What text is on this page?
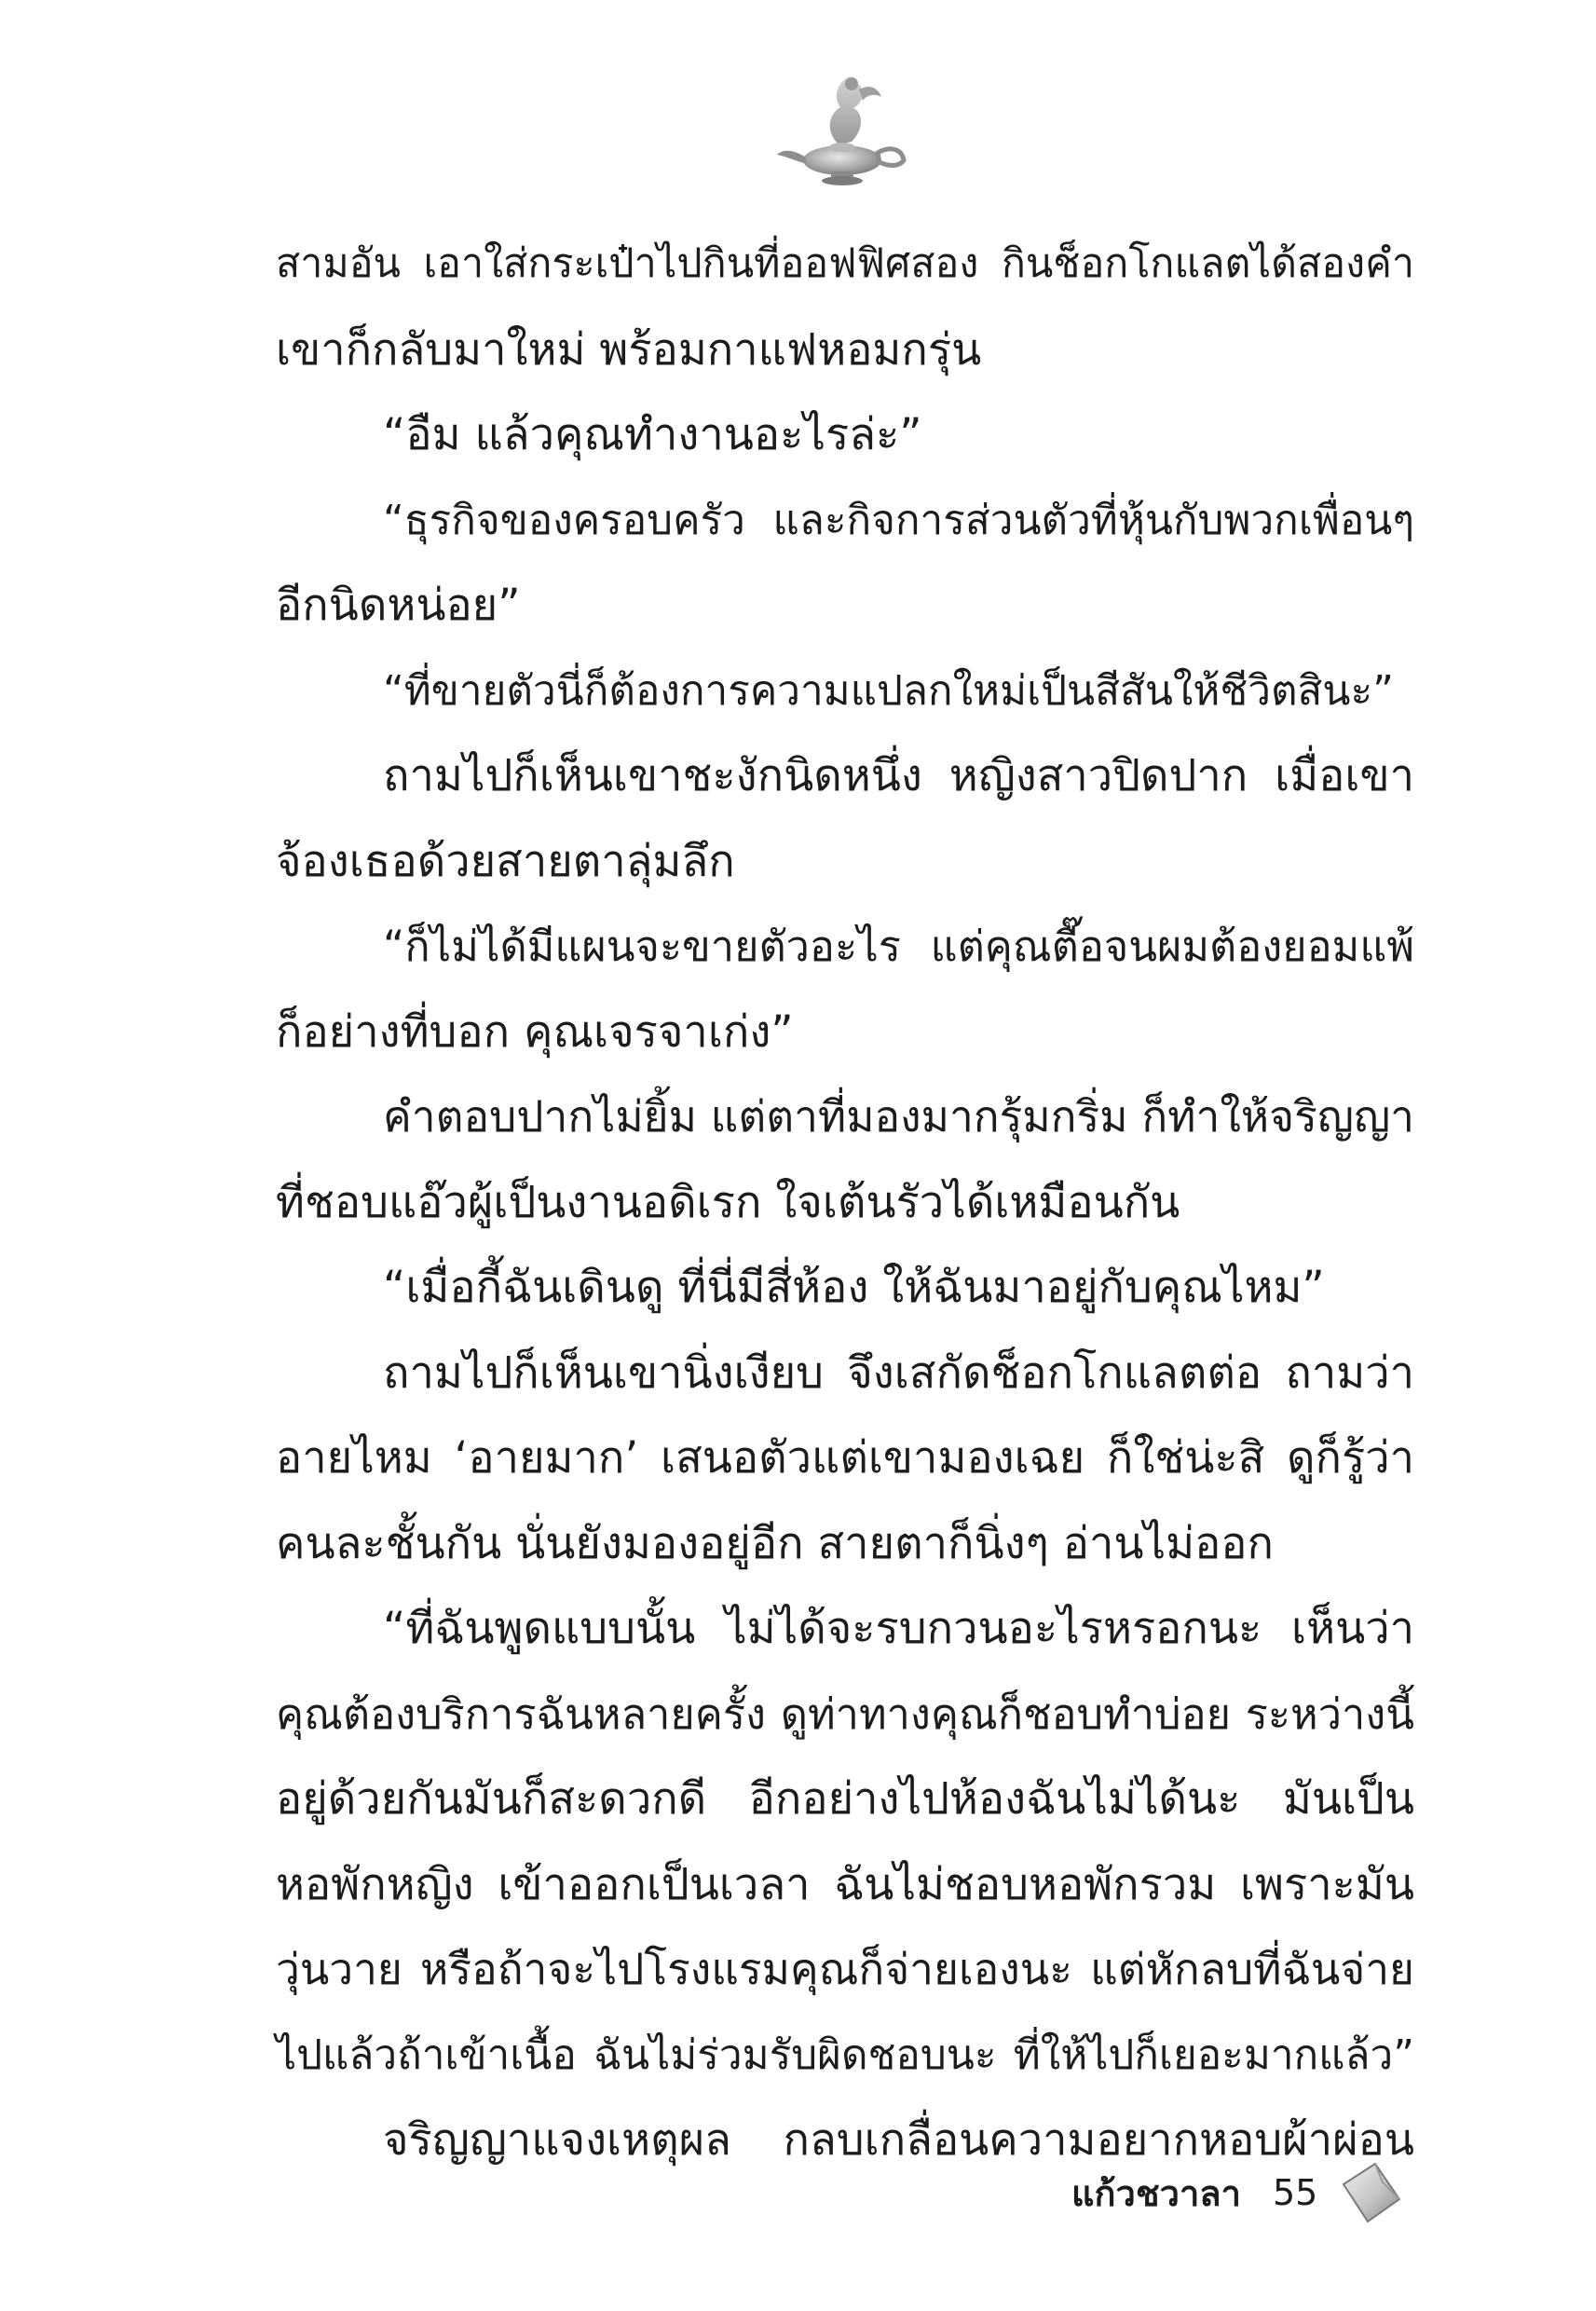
สามอัน เอาใส่กระเป๋าไปกินที่ออฟฟิศสอง กินช็อกโกแลตได้สองคำ
เขาก็กลับมาใหม่ พร้อมกาแฟหอมกรุ่น
“อืม แล้วคุณทำงานอะไรล่ะ”
“ธุรกิจของครอบครัว และกิจการส่วนตัวที่หุ้นกับพวกเพื่อนๆ
อีกนิดหน่อย”
“ที่ขายตัวนี่ก็ต้องการความแปลกใหม่เป็นสีสันให้ชีวิตสินะ”
ถามไปก็เห็นเขาชะงักนิดหนึ่ง หญิงสาวปิดปาก เมื่อเขา
จ้องเธอด้วยสายตาลุ่มลึก
“ก็ไม่ได้มีแผนจะขายตัวอะไร แต่คุณตื๊อจนผมต้องยอมแพ้
ก็อย่างที่บอก คุณเจรจาเก่ง”
คำตอบปากไม่ยิ้ม แต่ตาที่มองมากรุ้มกริ่ม ก็ทำให้จริญญา
ที่ชอบแอ๊วผู้เป็นงานอดิเรก ใจเต้นรัวได้เหมือนกัน
“เมื่อกี้ฉันเดินดู ที่นี่มีสี่ห้อง ให้ฉันมาอยู่กับคุณไหม”
ถามไปก็เห็นเขานิ่งเงียบ จึงเสกัดช็อกโกแลตต่อ ถามว่า
อายไหม ‘อายมาก’ เสนอตัวแต่เขามองเฉย ก็ใช่น่ะสิ ดูก็รู้ว่า
คนละชั้นกัน นั่นยังมองอยู่อีก สายตาก็นิ่งๆ อ่านไม่ออก
“ที่ฉันพูดแบบนั้น ไม่ได้จะรบกวนอะไรหรอกนะ เห็นว่า
คุณต้องบริการฉันหลายครั้ง ดูท่าทางคุณก็ชอบทำบ่อย ระหว่างนี้
อยู่ด้วยกันมันก็สะดวกดี อีกอย่างไปห้องฉันไม่ได้นะ มันเป็น
หอพักหญิง เข้าออกเป็นเวลา ฉันไม่ชอบหอพักรวม เพราะมัน
วุ่นวาย หรือถ้าจะไปโรงแรมคุณก็จ่ายเองนะ แต่หักลบที่ฉันจ่าย
ไปแล้วถ้าเข้าเนื้อ ฉันไม่ร่วมรับผิดชอบนะ ที่ให้ไปก็เยอะมากแล้ว”
จริญญาแจงเหตุผล กลบเกลื่อนความอยากหอบผ้าผ่อน
แก้วชวาลา 55
